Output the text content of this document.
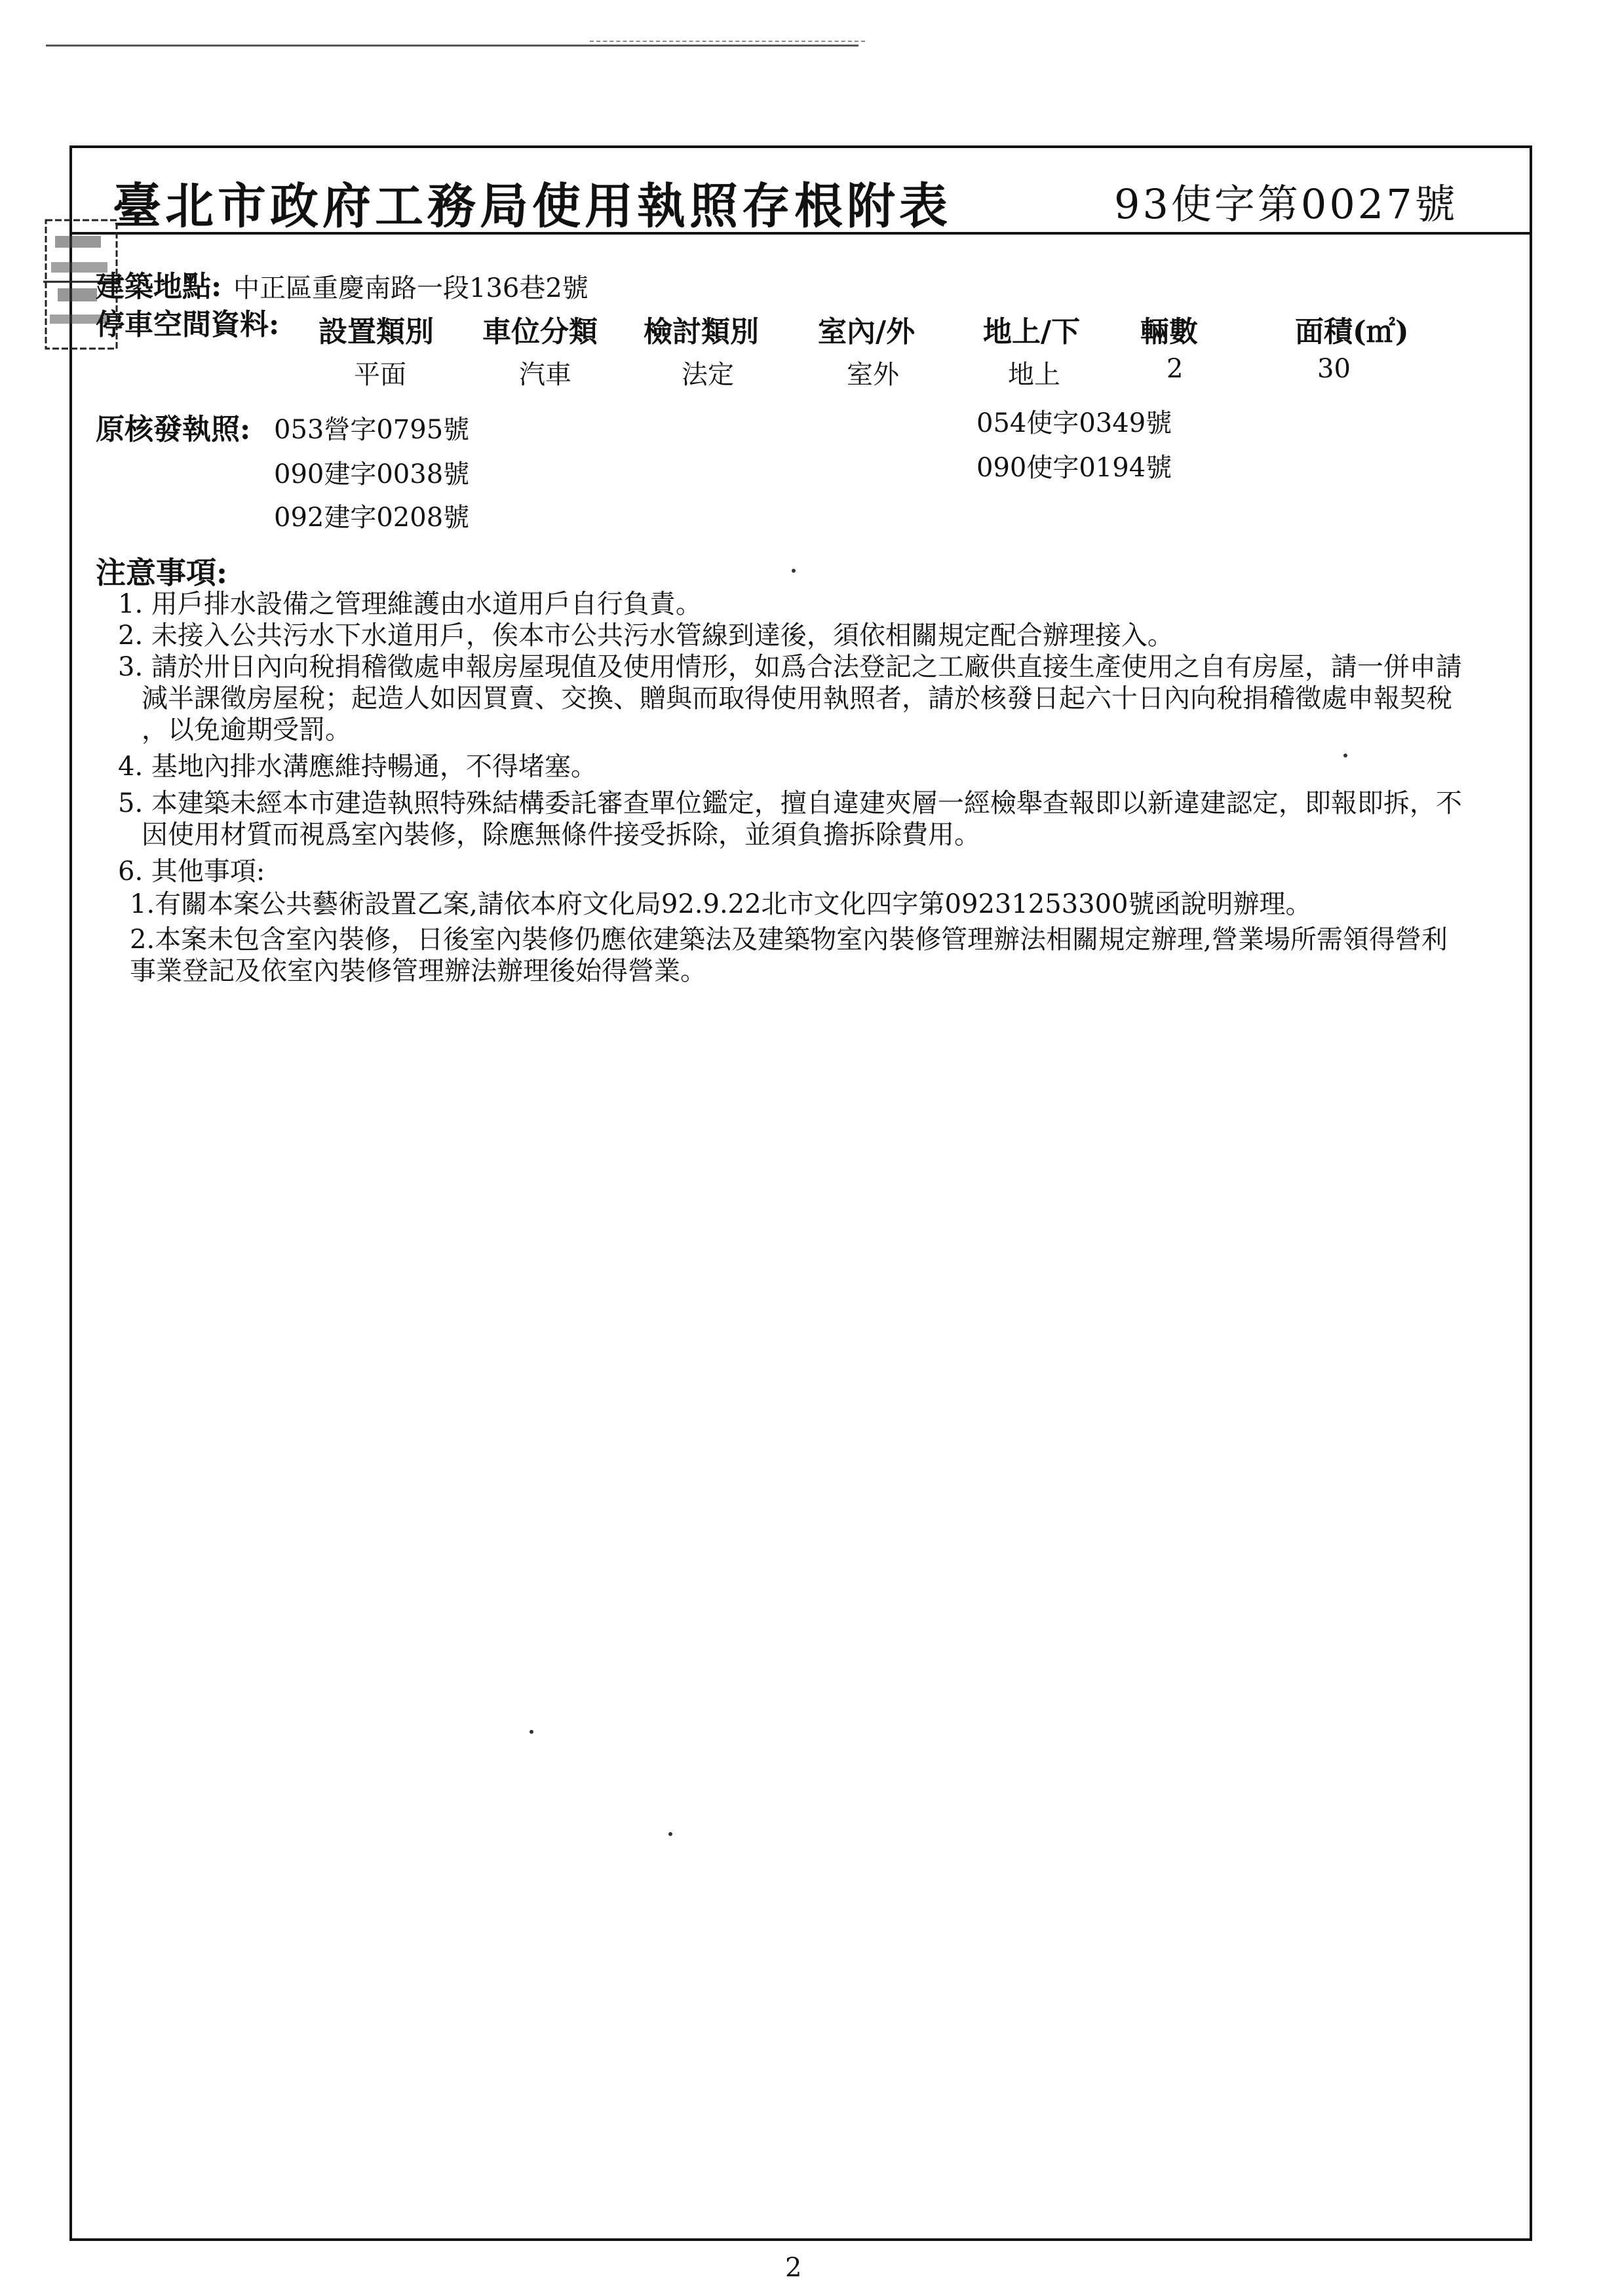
臺北市政府工務局使用執照存根附表	93使字第0027號
建築地點: 中正區重慶南路一段136巷2號
停車空間資料: 設置類別 車位分類 檢討類別 室內/外 地上/下 輛數	面積(㎡)
平面	汽車	法定	室外	地上	2	30
原核發執照: 053營字0795號
090建字0038號
092建字0208號
054使字0349號
090使字0194號
注意事項:
1. 用戶排水設備之管理維護由水道用戶自行負責。
2. 未接入公共污水下水道用戶，俟本市公共污水管線到達後，須依相關規定配合辦理接入。
3. 請於卅日內向稅捐稽徵處申報房屋現值及使用情形，如爲合法登記之工廠供直接生產使用之自有房屋，請一併申請
減半課徵房屋稅；起造人如因買賣、交換、贈與而取得使用執照者，請於核發日起六十日內向稅捐稽徵處申報契稅
，以免逾期受罰。
4. 基地內排水溝應維持暢通，不得堵塞。
5. 本建築未經本市建造執照特殊結構委託審查單位鑑定，擅自違建夾層一經檢舉查報即以新違建認定，即報即拆，不
因使用材質而視爲室內裝修，除應無條件接受拆除，並須負擔拆除費用。
6. 其他事項:
1.有關本案公共藝術設置乙案,請依本府文化局92.9.22北市文化四字第09231253300號函說明辦理。
2.本案未包含室內裝修，日後室內裝修仍應依建築法及建築物室內裝修管理辦法相關規定辦理,營業場所需領得營利
事業登記及依室內裝修管理辦法辦理後始得營業。
2
